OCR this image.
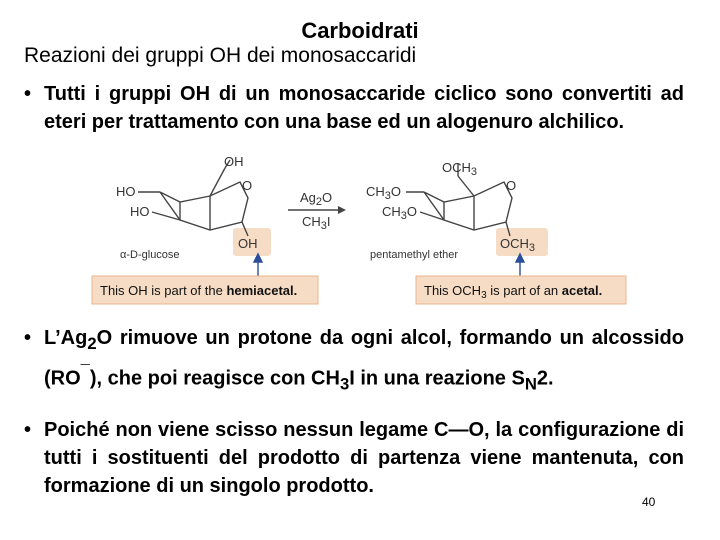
Carboidrati
Reazioni dei gruppi OH dei monosaccaridi
• Tutti i gruppi OH di un monosaccaride ciclico sono convertiti ad eteri per trattamento con una base ed un alogenuro alchilico.
OH
HO
HO
O
OH
α-D-glucose
$Ag_2O$
$CH_3I$
$OCH_3$
$CH_3O$
$CH_3O$
O
$OCH_3$
pentamethyl ether
This OH is part of the hemiacetal.	This $OCH_3$ is part of an acetal.
• $L’Ag_2O$ rimuove un protone da ogni alcol, formando un alcossido (RO¯), che poi reagisce con $CH_3I$ in una reazione $S_N2$.
• Poiché non viene scisso nessun legame C—O, la configurazione di tutti i sostituenti del prodotto di partenza viene mantenuta, con formazione di un singolo prodotto.
40
